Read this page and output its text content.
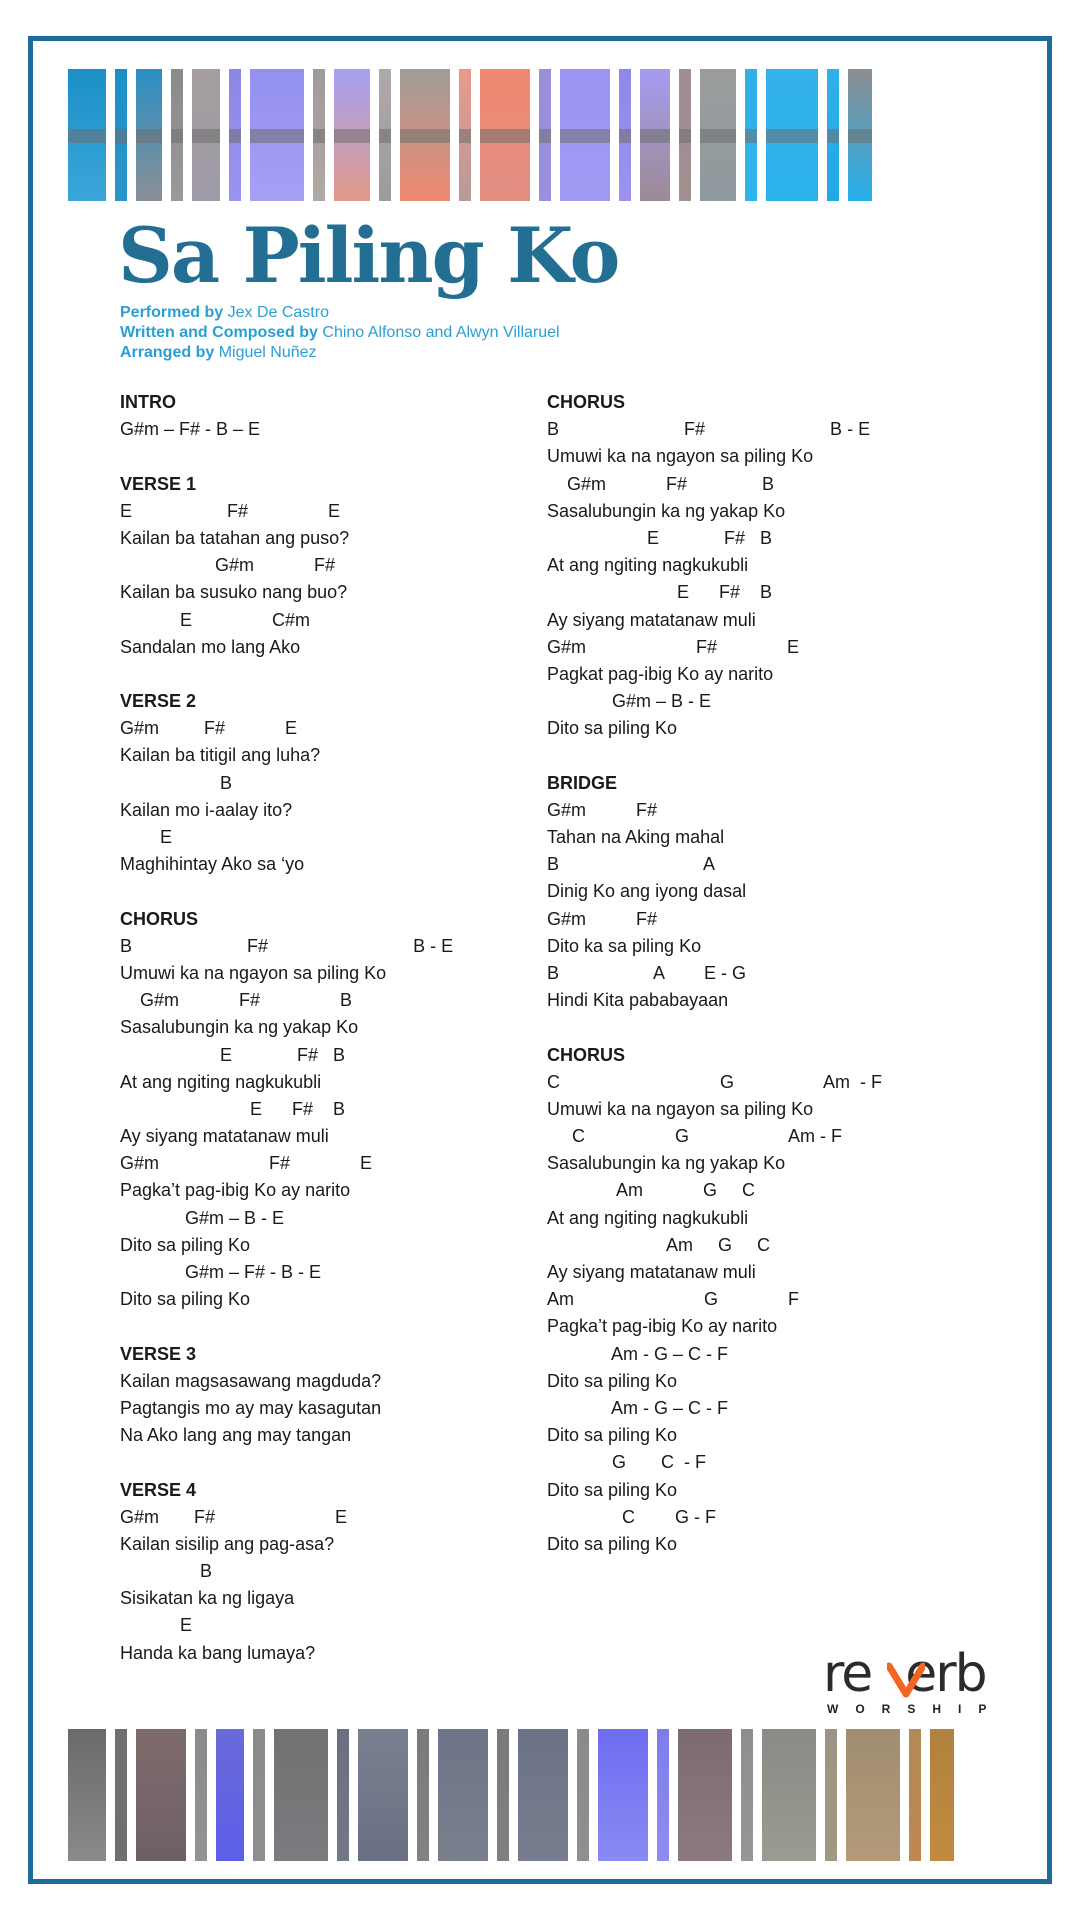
Sa Piling Ko
Performed by Jex De Castro
Written and Composed by Chino Alfonso and Alwyn Villaruel
Arranged by Miguel Nuñez
INTRO
G#m – F# - B – E
VERSE 1
E                   F#                E
Kailan ba tatahan ang puso?
G#m            F#
Kailan ba susuko nang buo?
E                C#m
Sandalan mo lang Ako
VERSE 2
G#m         F#            E
Kailan ba titigil ang luha?
B
Kailan mo i-aalay ito?
E
Maghihintay Ako sa ‘yo
CHORUS
B                       F#                             B - E
Umuwi ka na ngayon sa piling Ko
G#m            F#                B
Sasalubungin ka ng yakap Ko
E             F#   B
At ang ngiting nagkukubli
E      F#    B
Ay siyang matatanaw muli
G#m                      F#              E
Pagka’t pag-ibig Ko ay narito
G#m – B - E
Dito sa piling Ko
G#m – F# - B - E
Dito sa piling Ko
VERSE 3
Kailan magsasawang magduda?
Pagtangis mo ay may kasagutan
Na Ako lang ang may tangan
VERSE 4
G#m       F#                        E
Kailan sisilip ang pag-asa?
B
Sisikatan ka ng ligaya
E
Handa ka bang lumaya?
CHORUS
B                         F#                         B - E
Umuwi ka na ngayon sa piling Ko
G#m            F#               B
Sasalubungin ka ng yakap Ko
E             F#   B
At ang ngiting nagkukubli
E      F#    B
Ay siyang matatanaw muli
G#m                      F#              E
Pagkat pag-ibig Ko ay narito
G#m – B - E
Dito sa piling Ko
BRIDGE
G#m          F#
Tahan na Aking mahal
B                             A
Dinig Ko ang iyong dasal
G#m          F#
Dito ka sa piling Ko
B                   A        E - G
Hindi Kita pababayaan
CHORUS
C                                G                  Am  - F
Umuwi ka na ngayon sa piling Ko
C                  G                    Am - F
Sasalubungin ka ng yakap Ko
Am            G     C
At ang ngiting nagkukubli
Am     G     C
Ay siyang matatanaw muli
Am                          G              F
Pagka’t pag-ibig Ko ay narito
Am - G – C - F
Dito sa piling Ko
Am - G – C - F
Dito sa piling Ko
G       C  - F
Dito sa piling Ko
C        G - F
Dito sa piling Ko
re erb
WORSHIP
